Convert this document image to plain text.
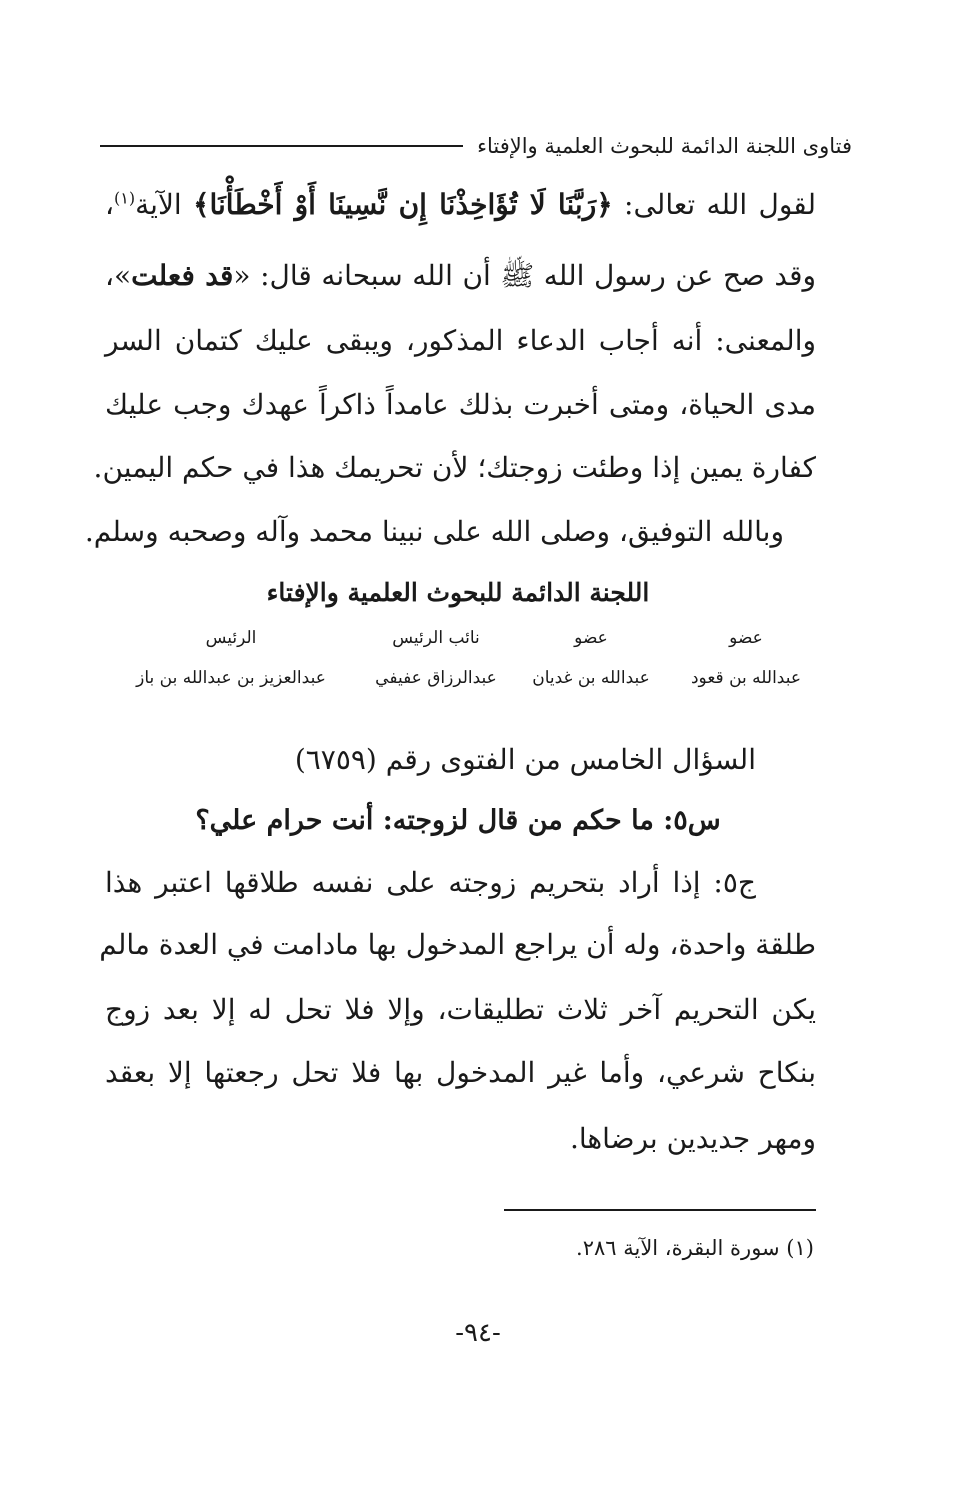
فتاوى اللجنة الدائمة للبحوث العلمية والإفتاء
لقول الله تعالى: ﴿رَبَّنَا لَا تُؤَاخِذْنَا إِن نَّسِينَا أَوْ أَخْطَأْنَا﴾ الآية$^{(١)}$،
وقد صح عن رسول الله ﷺ أن الله سبحانه قال: «قد فعلت»،
والمعنى: أنه أجاب الدعاء المذكور، ويبقى عليك كتمان السر
مدى الحياة، ومتى أخبرت بذلك عامداً ذاكراً عهدك وجب عليك
كفارة يمين إذا وطئت زوجتك؛ لأن تحريمك هذا في حكم اليمين.
وبالله التوفيق، وصلى الله على نبينا محمد وآله وصحبه وسلم.
اللجنة الدائمة للبحوث العلمية والإفتاء
عضو
عبدالله بن قعود
عضو
عبدالله بن غديان
نائب الرئيس
عبدالرزاق عفيفي
الرئيس
عبدالعزيز بن عبدالله بن باز
السؤال الخامس من الفتوى رقم (٦٧٥٩)
س٥: ما حكم من قال لزوجته: أنت حرام علي؟
ج٥: إذا أراد بتحريم زوجته على نفسه طلاقها اعتبر هذا
طلقة واحدة، وله أن يراجع المدخول بها مادامت في العدة مالم
يكن التحريم آخر ثلاث تطليقات، وإلا فلا تحل له إلا بعد زوج
بنكاح شرعي، وأما غير المدخول بها فلا تحل رجعتها إلا بعقد
ومهر جديدين برضاها.
(١) سورة البقرة، الآية ٢٨٦.
-٩٤-
